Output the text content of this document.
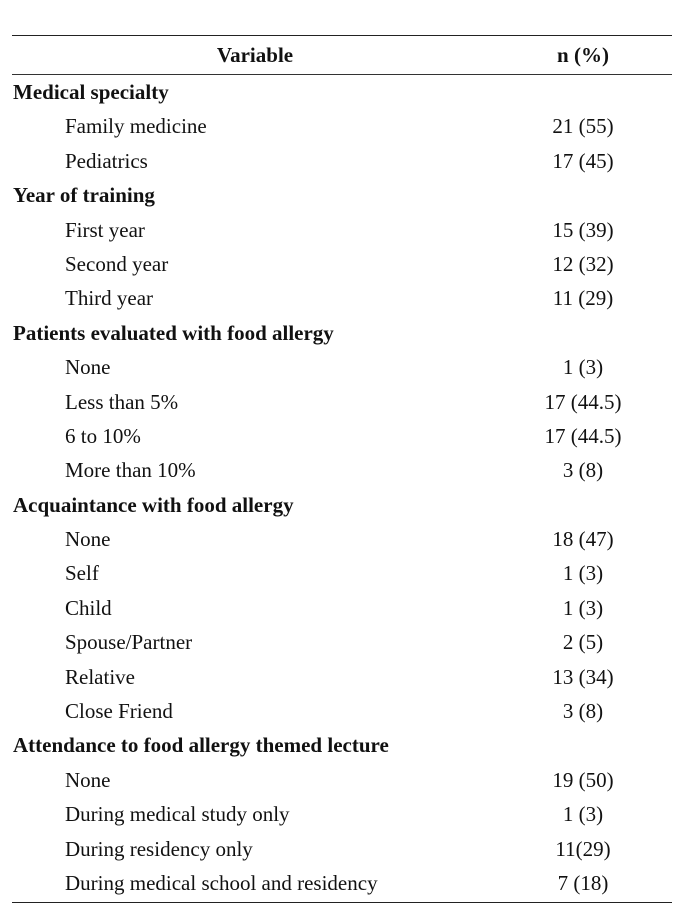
Variable	n (%)
Medical specialty
Family medicine	21 (55)
Pediatrics	17 (45)
Year of training
First year	15 (39)
Second year	12 (32)
Third year	11 (29)
Patients evaluated with food allergy
None	1 (3)
Less than 5%	17 (44.5)
6 to 10%	17 (44.5)
More than 10%	3 (8)
Acquaintance with food allergy
None	18 (47)
Self	1 (3)
Child	1 (3)
Spouse/Partner	2 (5)
Relative	13 (34)
Close Friend	3 (8)
Attendance to food allergy themed lecture
None	19 (50)
During medical study only	1 (3)
During residency only	11(29)
During medical school and residency	7 (18)
